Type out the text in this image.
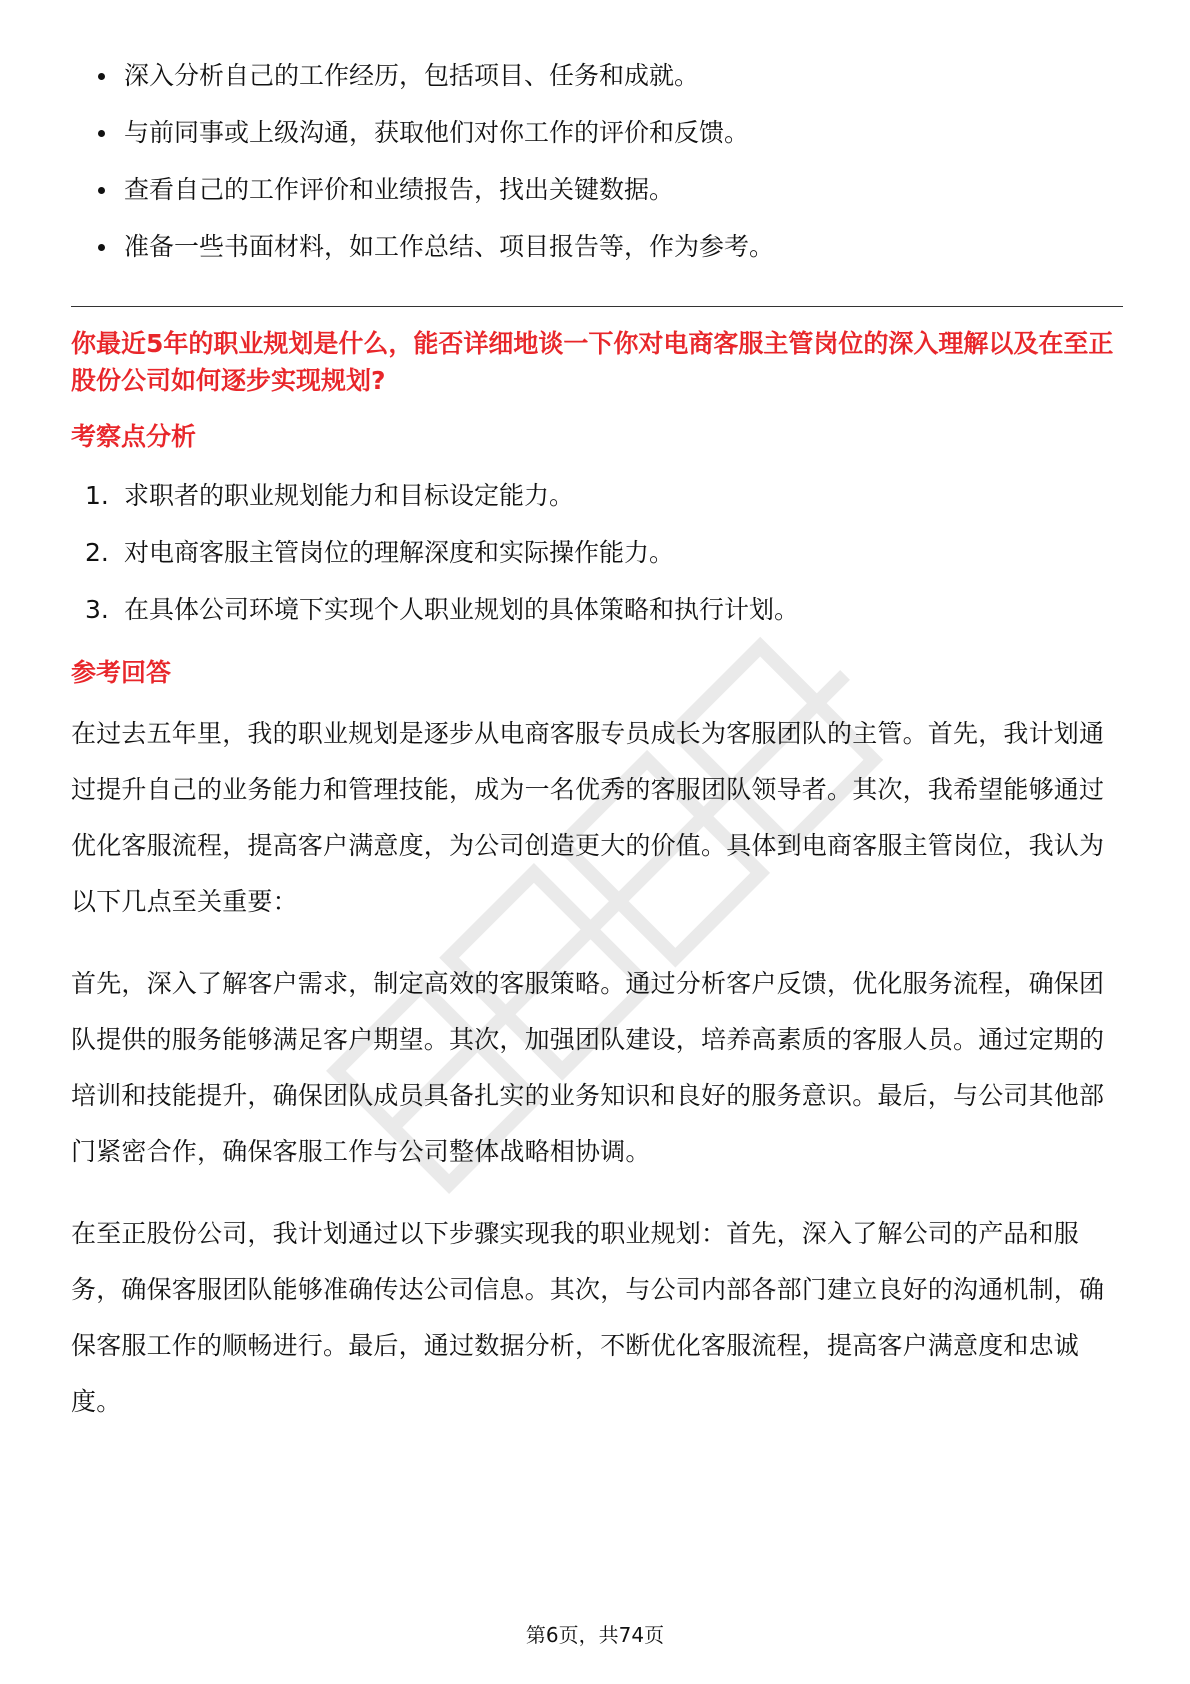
深入分析自己的工作经历，包括项目、任务和成就。
与前同事或上级沟通，获取他们对你工作的评价和反馈。
查看自己的工作评价和业绩报告，找出关键数据。
准备一些书面材料，如工作总结、项目报告等，作为参考。
你最近5年的职业规划是什么，能否详细地谈一下你对电商客服主管岗位的深入理解以及在至正股份公司如何逐步实现规划?
考察点分析
1. 求职者的职业规划能力和目标设定能力。
2. 对电商客服主管岗位的理解深度和实际操作能力。
3. 在具体公司环境下实现个人职业规划的具体策略和执行计划。
参考回答

在过去五年里，我的职业规划是逐步从电商客服专员成长为客服团队的主管。首先，我计划通过提升自己的业务能力和管理技能，成为一名优秀的客服团队领导者。其次，我希望能够通过优化客服流程，提高客户满意度，为公司创造更大的价值。具体到电商客服主管岗位，我认为以下几点至关重要：

首先，深入了解客户需求，制定高效的客服策略。通过分析客户反馈，优化服务流程，确保团队提供的服务能够满足客户期望。其次，加强团队建设，培养高素质的客服人员。通过定期的培训和技能提升，确保团队成员具备扎实的业务知识和良好的服务意识。最后，与公司其他部门紧密合作，确保客服工作与公司整体战略相协调。

在至正股份公司，我计划通过以下步骤实现我的职业规划：首先，深入了解公司的产品和服务，确保客服团队能够准确传达公司信息。其次，与公司内部各部门建立良好的沟通机制，确保客服工作的顺畅进行。最后，通过数据分析，不断优化客服流程，提高客户满意度和忠诚度。

第6页，共74页
